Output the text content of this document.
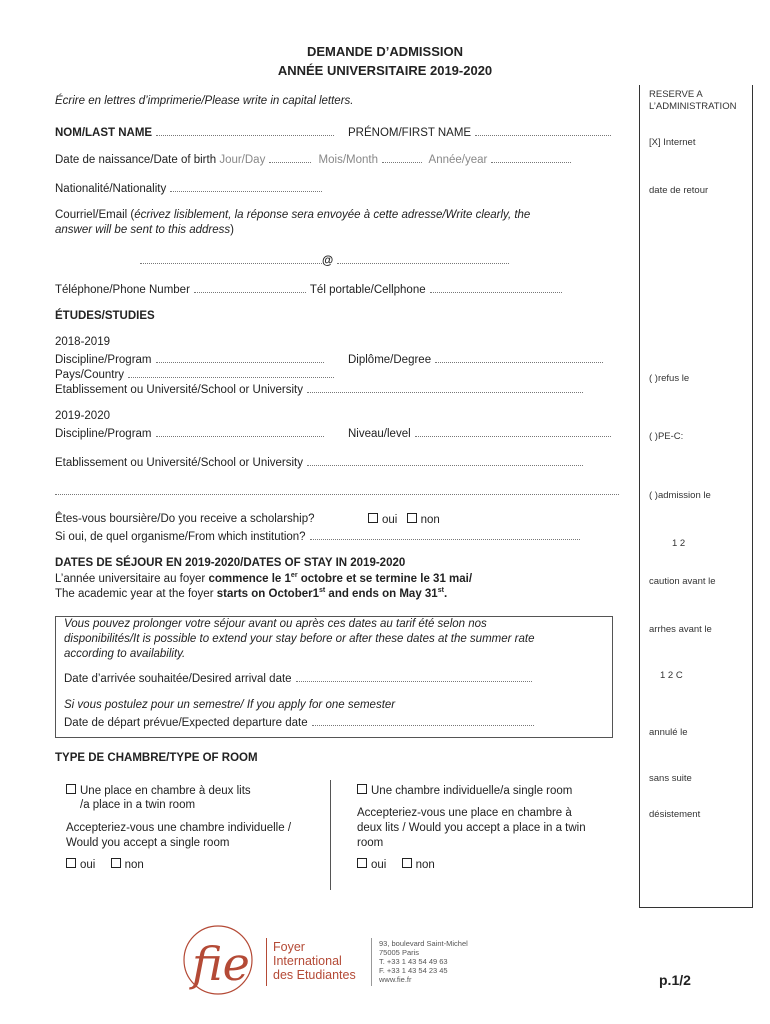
DEMANDE D’ADMISSION
ANNÉE UNIVERSITAIRE 2019-2020
Écrire en lettres d’imprimerie/Please write in capital letters.
NOM/LAST NAME	PRÉNOM/FIRST NAME
Date de naissance/Date of birth Jour/Day	Mois/Month	Année/year
Nationalité/Nationality
Courriel/Email (écrivez lisiblement, la réponse sera envoyée à cette adresse/Write clearly, the
answer will be sent to this address)
@
Téléphone/Phone Number	Tél portable/Cellphone
ÉTUDES/STUDIES
2018-2019
Discipline/Program	Diplôme/Degree
Pays/Country
Etablissement ou Université/School or University
2019-2020
Discipline/Program	Niveau/level
Etablissement ou Université/School or University
Êtes-vous boursière/Do you receive a scholarship?	oui non
Si oui, de quel organisme/From which institution?
DATES DE SÉJOUR EN 2019-2020/DATES OF STAY IN 2019-2020
L’année universitaire au foyer commence le 1er octobre et se termine le 31 mai/
The academic year at the foyer starts on October1st and ends on May 31st.
Vous pouvez prolonger votre séjour avant ou après ces dates au tarif été selon nos
disponibilités/It is possible to extend your stay before or after these dates at the summer rate
according to availability.
Date d’arrivée souhaitée/Desired arrival date
Si vous postulez pour un semestre/ If you apply for one semester
Date de départ prévue/Expected departure date
TYPE DE CHAMBRE/TYPE OF ROOM
Une place en chambre à deux lits
/a place in a twin room
Accepteriez-vous une chambre individuelle /
Would you accept a single room
oui	non
Une chambre individuelle/a single room
Accepteriez-vous une place en chambre à
deux lits / Would you accept a place in a twin
room
oui	non
RESERVE A
L’ADMINISTRATION
[X] Internet
date de retour
( )refus le
( )PE-C:
( )admission le
1 2
caution avant le
arrhes avant le
1 2 C
annulé le
sans suite
désistement
fie Foyer
International
des Etudiantes
93, boulevard Saint-Michel
75005 Paris
T. +33 1 43 54 49 63
F. +33 1 43 54 23 45
www.fie.fr	p.1/2
